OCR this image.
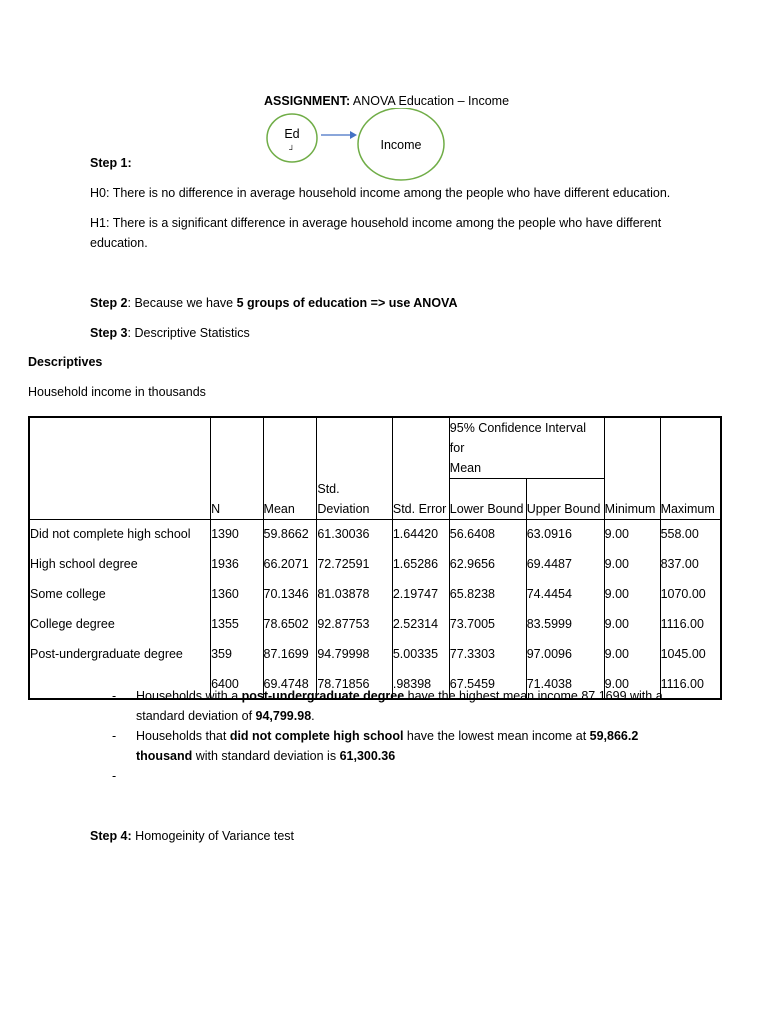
ASSIGNMENT: ANOVA Education – Income
Ed
┘	Income
Step 1:
H0: There is no difference in average household income among the people who have different education.
H1: There is a significant difference in average household income among the people who have different
education.
Step 2: Because we have 5 groups of education => use ANOVA
Step 3: Descriptive Statistics
Descriptives
Household income in thousands
					95% Confidence Interval for
Mean			
	N	Mean	Std.
Deviation	Std. Error	Lower Bound	Upper Bound	Minimum	Maximum
Did not complete high school	1390	59.8662	61.30036	1.64420	56.6408	63.0916	9.00	558.00
High school degree	1936	66.2071	72.72591	1.65286	62.9656	69.4487	9.00	837.00
Some college	1360	70.1346	81.03878	2.19747	65.8238	74.4454	9.00	1070.00
College degree	1355	78.6502	92.87753	2.52314	73.7005	83.5999	9.00	1116.00
Post-undergraduate degree	359	87.1699	94.79998	5.00335	77.3303	97.0096	9.00	1045.00
	6400	69.4748	78.71856	.98398	67.5459	71.4038	9.00	1116.00
- Households with a post-undergraduate degree have the highest mean income 87.1699 with a
standard deviation of 94,799.98.
- Households that did not complete high school have the lowest mean income at 59,866.2
thousand with standard deviation is 61,300.36
-

Step 4: Homogeinity of Variance test
